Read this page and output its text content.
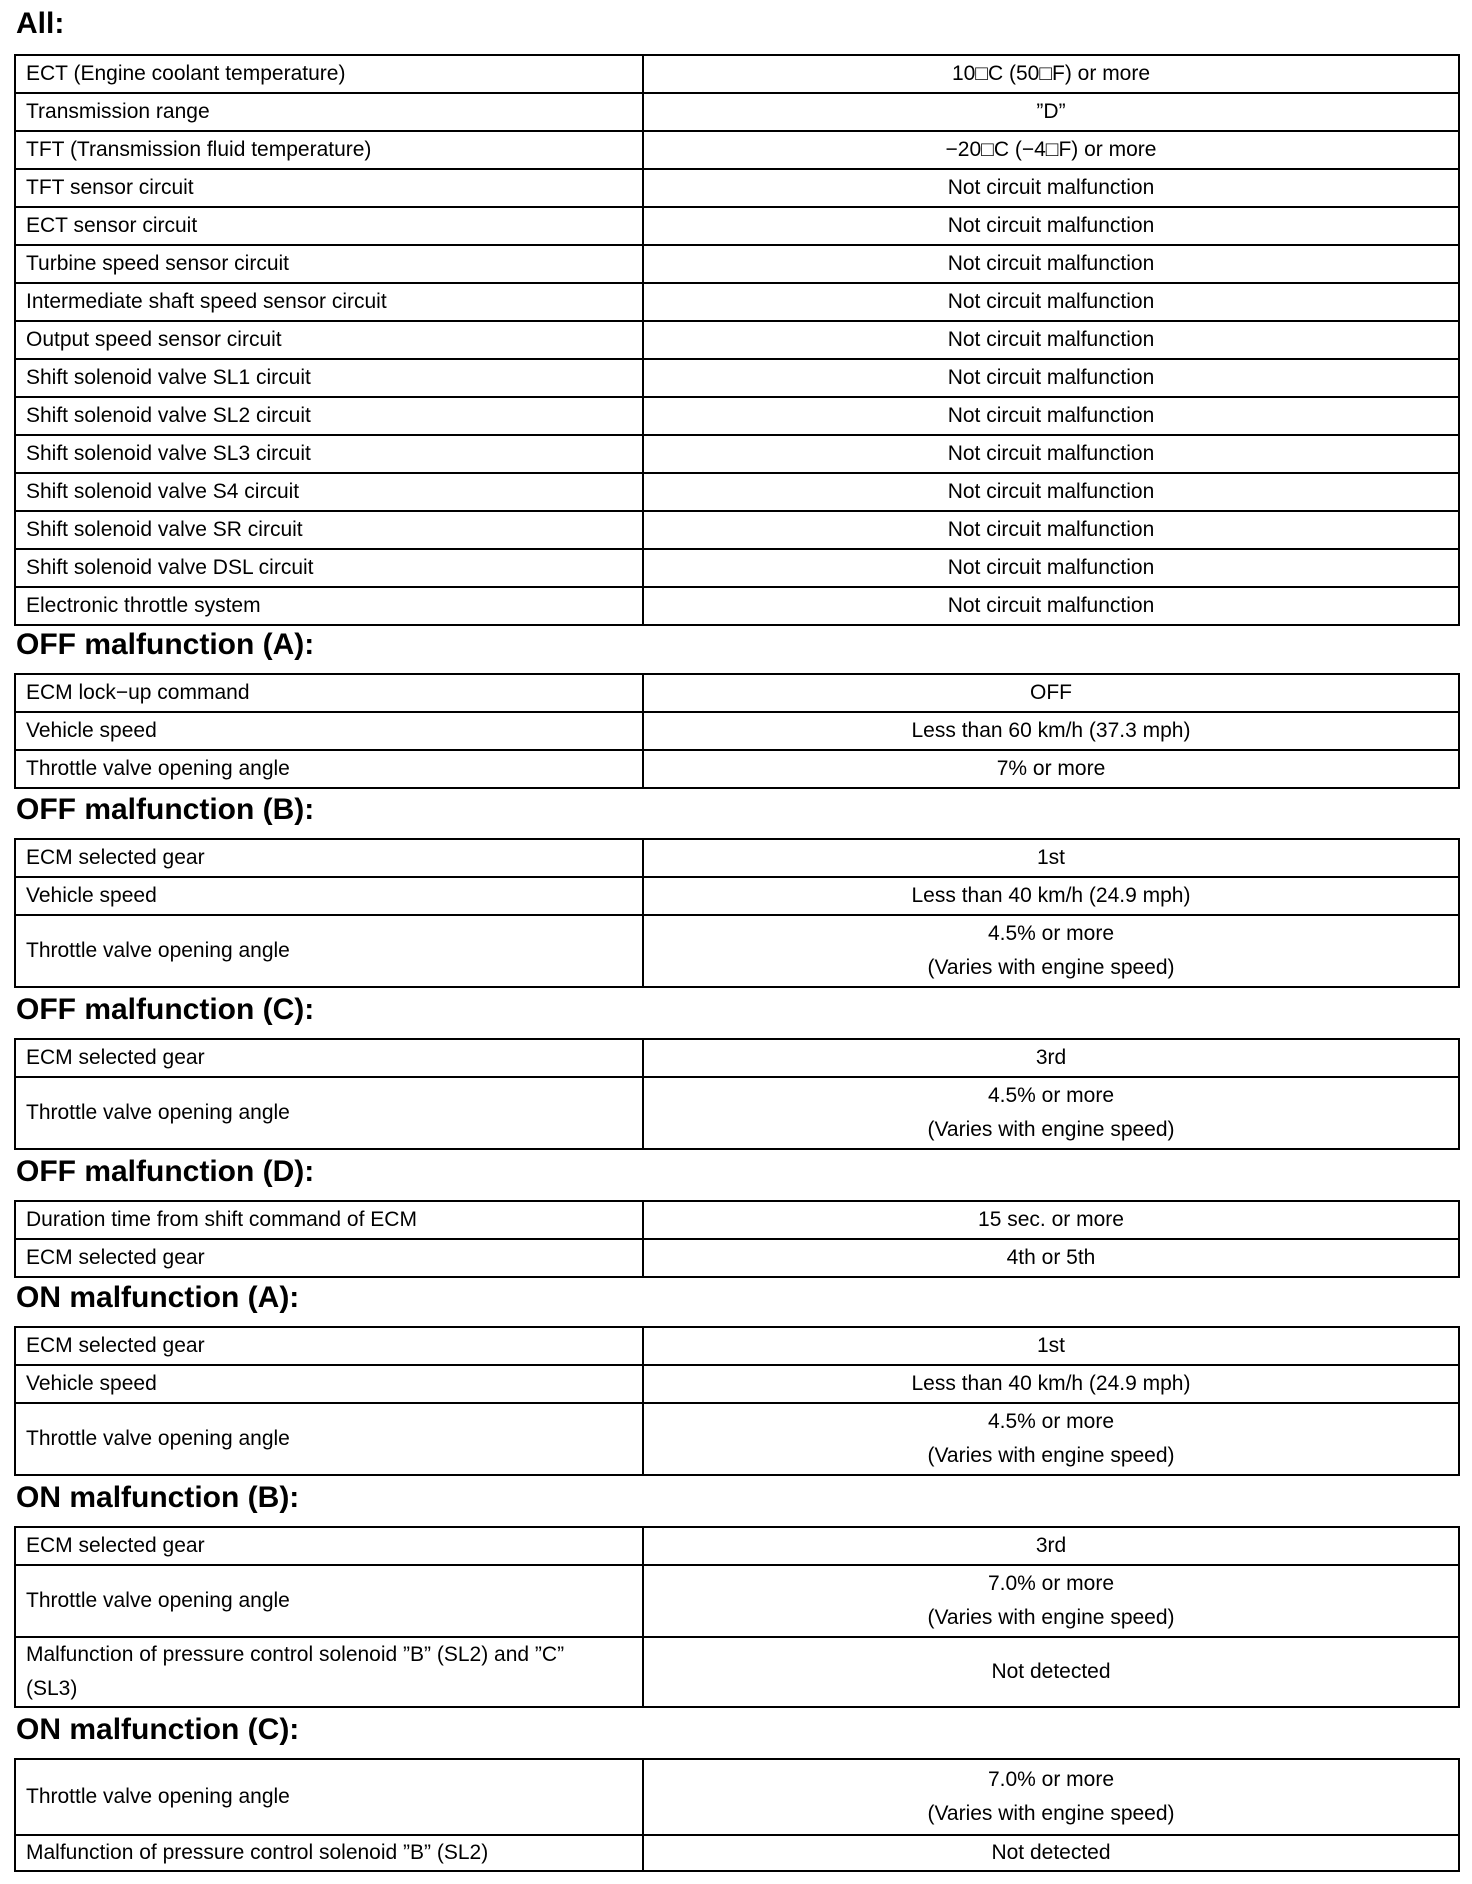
All:
ECT (Engine coolant temperature)	10□C (50□F) or more
Transmission range	”D”
TFT (Transmission fluid temperature)	−20□C (−4□F) or more
TFT sensor circuit	Not circuit malfunction
ECT sensor circuit	Not circuit malfunction
Turbine speed sensor circuit	Not circuit malfunction
Intermediate shaft speed sensor circuit	Not circuit malfunction
Output speed sensor circuit	Not circuit malfunction
Shift solenoid valve SL1 circuit	Not circuit malfunction
Shift solenoid valve SL2 circuit	Not circuit malfunction
Shift solenoid valve SL3 circuit	Not circuit malfunction
Shift solenoid valve S4 circuit	Not circuit malfunction
Shift solenoid valve SR circuit	Not circuit malfunction
Shift solenoid valve DSL circuit	Not circuit malfunction
Electronic throttle system	Not circuit malfunction
OFF malfunction (A):
ECM lock−up command	OFF
Vehicle speed	Less than 60 km/h (37.3 mph)
Throttle valve opening angle	7% or more
OFF malfunction (B):
ECM selected gear	1st
Vehicle speed	Less than 40 km/h (24.9 mph)
Throttle valve opening angle	4.5% or more
(Varies with engine speed)
OFF malfunction (C):
ECM selected gear	3rd
Throttle valve opening angle	4.5% or more
(Varies with engine speed)
OFF malfunction (D):
Duration time from shift command of ECM	15 sec. or more
ECM selected gear	4th or 5th
ON malfunction (A):
ECM selected gear	1st
Vehicle speed	Less than 40 km/h (24.9 mph)
Throttle valve opening angle	4.5% or more
(Varies with engine speed)
ON malfunction (B):
ECM selected gear	3rd
Throttle valve opening angle	7.0% or more
(Varies with engine speed)

Malfunction of pressure control solenoid ”B” (SL2) and ”C”
(SL3)	Not detected
ON malfunction (C):
Throttle valve opening angle	7.0% or more
(Varies with engine speed)

Malfunction of pressure control solenoid ”B” (SL2)	Not detected
